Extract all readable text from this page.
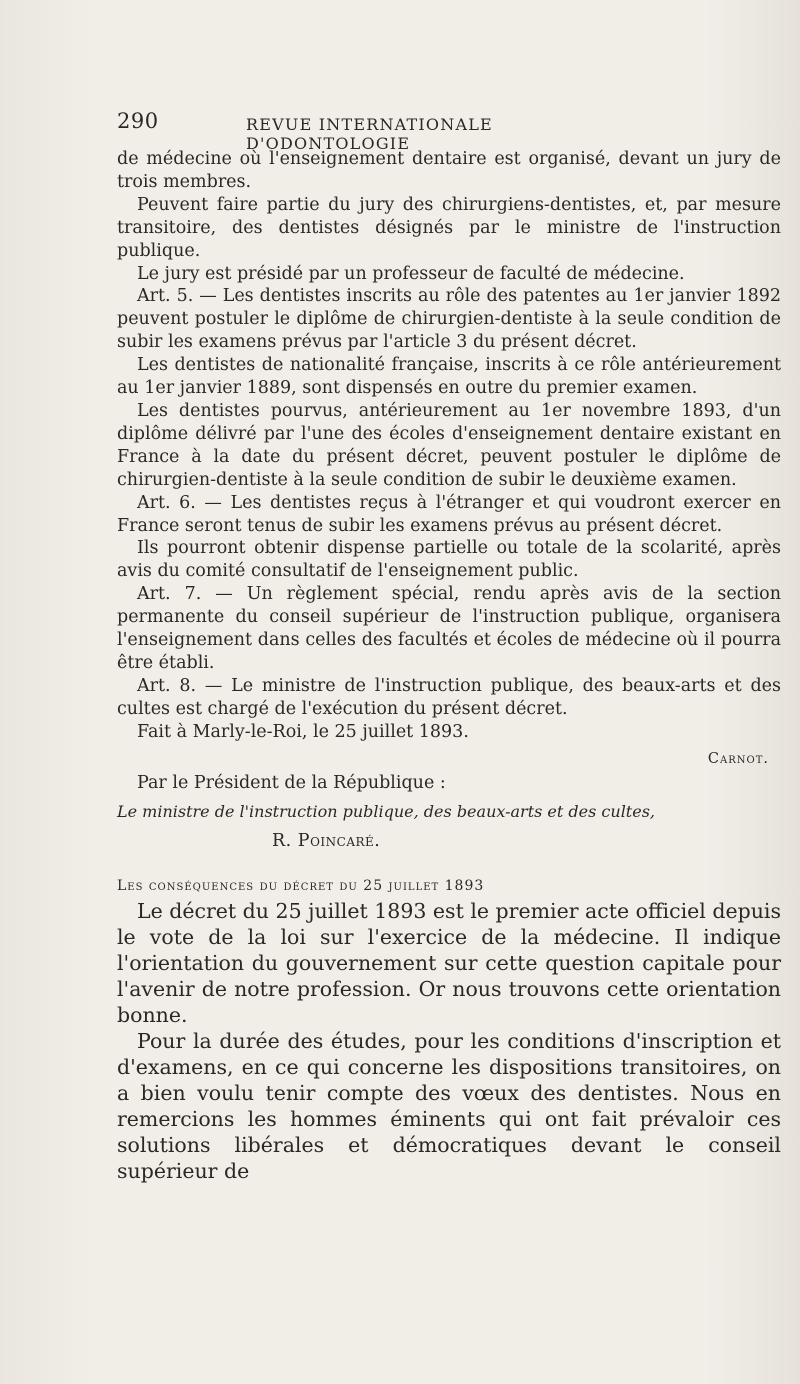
290	REVUE INTERNATIONALE D'ODONTOLOGIE

de médecine où l'enseignement dentaire est organisé, devant un jury de trois membres.

Peuvent faire partie du jury des chirurgiens-dentistes, et, par mesure transitoire, des dentistes désignés par le ministre de l'instruction publique.

Le jury est présidé par un professeur de faculté de médecine.

Art. 5. — Les dentistes inscrits au rôle des patentes au 1er janvier 1892 peuvent postuler le diplôme de chirurgien-dentiste à la seule condition de subir les examens prévus par l'article 3 du présent décret.

Les dentistes de nationalité française, inscrits à ce rôle antérieurement au 1er janvier 1889, sont dispensés en outre du premier examen.

Les dentistes pourvus, antérieurement au 1er novembre 1893, d'un diplôme délivré par l'une des écoles d'enseignement dentaire existant en France à la date du présent décret, peuvent postuler le diplôme de chirurgien-dentiste à la seule condition de subir le deuxième examen.

Art. 6. — Les dentistes reçus à l'étranger et qui voudront exercer en France seront tenus de subir les examens prévus au présent décret.

Ils pourront obtenir dispense partielle ou totale de la scolarité, après avis du comité consultatif de l'enseignement public.

Art. 7. — Un règlement spécial, rendu après avis de la section permanente du conseil supérieur de l'instruction publique, organisera l'enseignement dans celles des facultés et écoles de médecine où il pourra être établi.

Art. 8. — Le ministre de l'instruction publique, des beaux-arts et des cultes est chargé de l'exécution du présent décret.

Fait à Marly-le-Roi, le 25 juillet 1893.

Carnot.

Par le Président de la République :

Le ministre de l'instruction publique, des beaux-arts et des cultes,

R. Poincaré.

Les conséquences du décret du 25 juillet 1893

Le décret du 25 juillet 1893 est le premier acte officiel depuis le vote de la loi sur l'exercice de la médecine. Il indique l'orientation du gouvernement sur cette question capitale pour l'avenir de notre profession. Or nous trouvons cette orientation bonne.

Pour la durée des études, pour les conditions d'inscription et d'examens, en ce qui concerne les dispositions transitoires, on a bien voulu tenir compte des vœux des dentistes. Nous en remercions les hommes éminents qui ont fait prévaloir ces solutions libérales et démocratiques devant le conseil supérieur de
